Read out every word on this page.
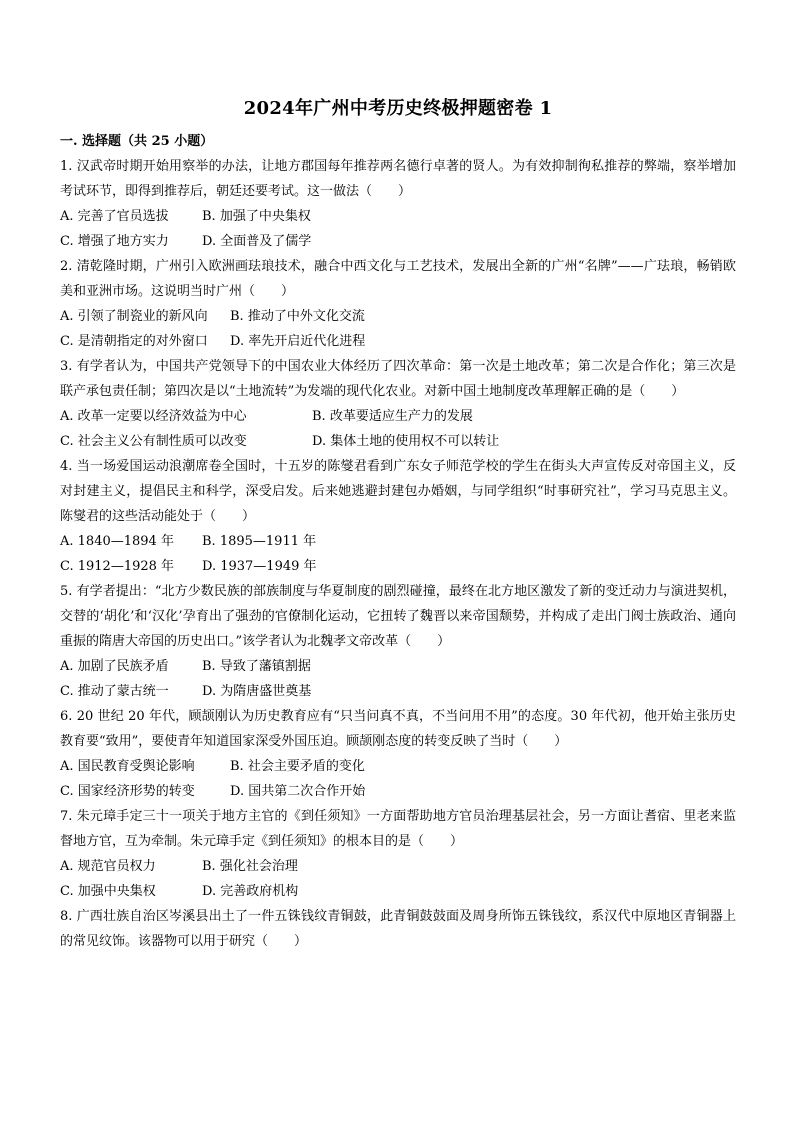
2024年广州中考历史终极押题密卷 1

一. 选择题（共 25 小题）

1. 汉武帝时期开始用察举的办法，让地方郡国每年推荐两名德行卓著的贤人。为有效抑制徇私推荐的弊端，察举增加考试环节，即得到推荐后，朝廷还要考试。这一做法（　　）

A. 完善了官员选拔	B. 加强了中央集权
C. 增强了地方实力	D. 全面普及了儒学

2. 清乾隆时期，广州引入欧洲画珐琅技术，融合中西文化与工艺技术，发展出全新的广州“名牌”——广珐琅，畅销欧美和亚洲市场。这说明当时广州（　　）

A. 引领了制瓷业的新风向	B. 推动了中外文化交流
C. 是清朝指定的对外窗口	D. 率先开启近代化进程

3. 有学者认为，中国共产党领导下的中国农业大体经历了四次革命：第一次是土地改革；第二次是合作化；第三次是联产承包责任制；第四次是以“土地流转”为发端的现代化农业。对新中国土地制度改革理解正确的是（　　）

A. 改革一定要以经济效益为中心	B. 改革要适应生产力的发展
C. 社会主义公有制性质可以改变	D. 集体土地的使用权不可以转让

4. 当一场爱国运动浪潮席卷全国时，十五岁的陈燮君看到广东女子师范学校的学生在街头大声宣传反对帝国主义，反对封建主义，提倡民主和科学，深受启发。后来她逃避封建包办婚姻，与同学组织“时事研究社”，学习马克思主义。陈燮君的这些活动能处于（　　）

A. 1840—1894 年	B. 1895—1911 年
C. 1912—1928 年	D. 1937—1949 年

5. 有学者提出：“北方少数民族的部族制度与华夏制度的剧烈碰撞，最终在北方地区激发了新的变迁动力与演进契机，交替的‘胡化’和‘汉化’孕育出了强劲的官僚制化运动，它扭转了魏晋以来帝国颓势，并构成了走出门阀士族政治、通向重振的隋唐大帝国的历史出口。”该学者认为北魏孝文帝改革（　　）

A. 加剧了民族矛盾	B. 导致了藩镇割据
C. 推动了蒙古统一	D. 为隋唐盛世奠基

6. 20 世纪 20 年代，顾颉刚认为历史教育应有“只当问真不真，不当问用不用”的态度。30 年代初，他开始主张历史教育要“致用”，要使青年知道国家深受外国压迫。顾颉刚态度的转变反映了当时（　　）

A. 国民教育受舆论影响	B. 社会主要矛盾的变化
C. 国家经济形势的转变	D. 国共第二次合作开始

7. 朱元璋手定三十一项关于地方主官的《到任须知》一方面帮助地方官员治理基层社会，另一方面让耆宿、里老来监督地方官，互为牵制。朱元璋手定《到任须知》的根本目的是（　　）

A. 规范官员权力	B. 强化社会治理
C. 加强中央集权	D. 完善政府机构

8. 广西壮族自治区岑溪县出土了一件五铢钱纹青铜鼓，此青铜鼓鼓面及周身所饰五铢钱纹，系汉代中原地区青铜器上的常见纹饰。该器物可以用于研究（　　）
